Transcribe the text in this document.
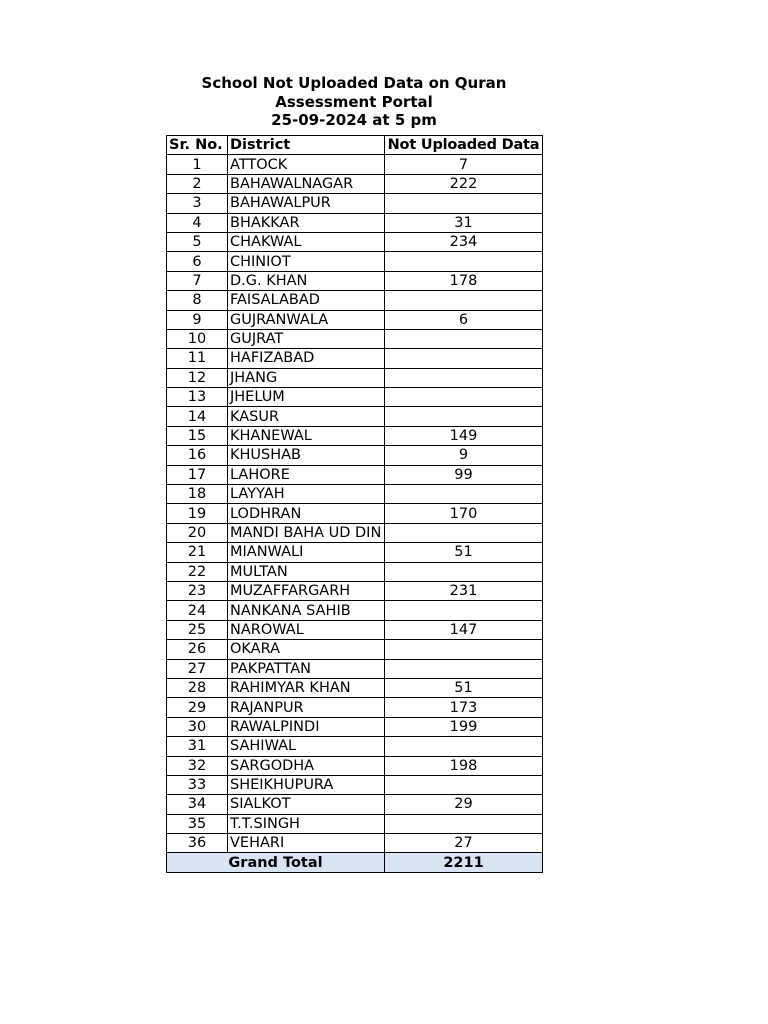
School Not Uploaded Data on Quran
Assessment Portal
25-09-2024 at 5 pm
Sr. No.	District	Not Uploaded Data
1	ATTOCK	7
2	BAHAWALNAGAR	222
3	BAHAWALPUR	
4	BHAKKAR	31
5	CHAKWAL	234
6	CHINIOT	
7	D.G. KHAN	178
8	FAISALABAD	
9	GUJRANWALA	6
10	GUJRAT	
11	HAFIZABAD	
12	JHANG	
13	JHELUM	
14	KASUR	
15	KHANEWAL	149
16	KHUSHAB	9
17	LAHORE	99
18	LAYYAH	
19	LODHRAN	170
20	MANDI BAHA UD DIN	
21	MIANWALI	51
22	MULTAN	
23	MUZAFFARGARH	231
24	NANKANA SAHIB	
25	NAROWAL	147
26	OKARA	
27	PAKPATTAN	
28	RAHIMYAR KHAN	51
29	RAJANPUR	173
30	RAWALPINDI	199
31	SAHIWAL	
32	SARGODHA	198
33	SHEIKHUPURA	
34	SIALKOT	29
35	T.T.SINGH	
36	VEHARI	27
Grand Total		2211
